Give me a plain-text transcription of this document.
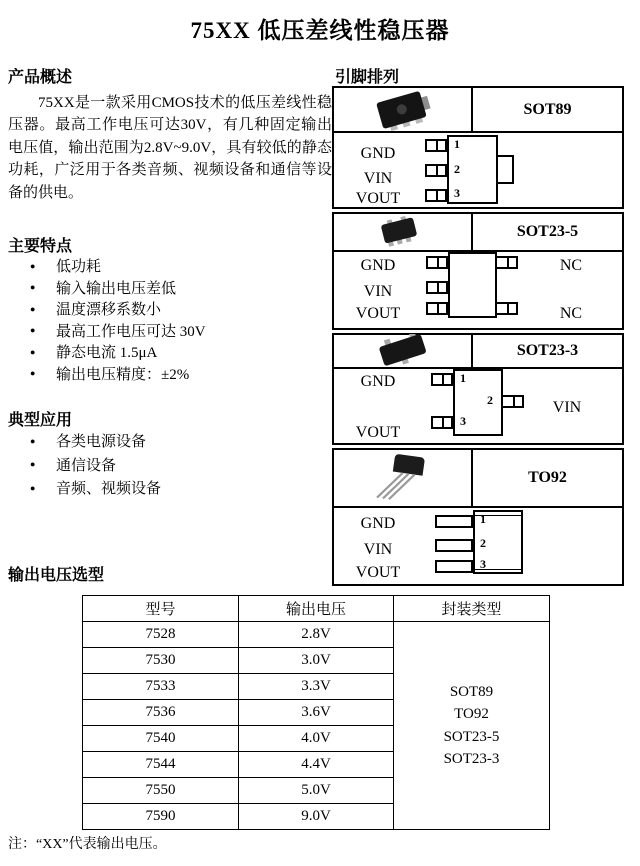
75XX 低压差线性稳压器
产品概述
75XX是一款采用CMOS技术的低压差线性稳压器。最高工作电压可达30V，有几种固定输出电压值，输出范围为2.8V~9.0V，具有较低的静态功耗，广泛用于各类音频、视频设备和通信等设备的供电。
主要特点
●	低功耗
●	输入输出电压差低
●	温度漂移系数小
●	最高工作电压可达 30V
●	静态电流 1.5μA
●	输出电压精度：±2%
典型应用
●	各类电源设备
●	通信设备
●	音频、视频设备
输出电压选型
引脚排列
SOT89
GND
VIN
VOUT
1
2
3
SOT23-5
GND
VIN
VOUT
NC
NC
SOT23-3
GND
VOUT
1
2
3
VIN
TO92
GND
VIN
VOUT
1
2
3
型号	输出电压	封装类型
7528	2.8V	SOT89
TO92
SOT23-5
SOT23-3

7530	3.0V	
7533	3.3V	
7536	3.6V	
7540	4.0V	
7544	4.4V	
7550	5.0V	
7590	9.0V	
注：“XX”代表输出电压。
